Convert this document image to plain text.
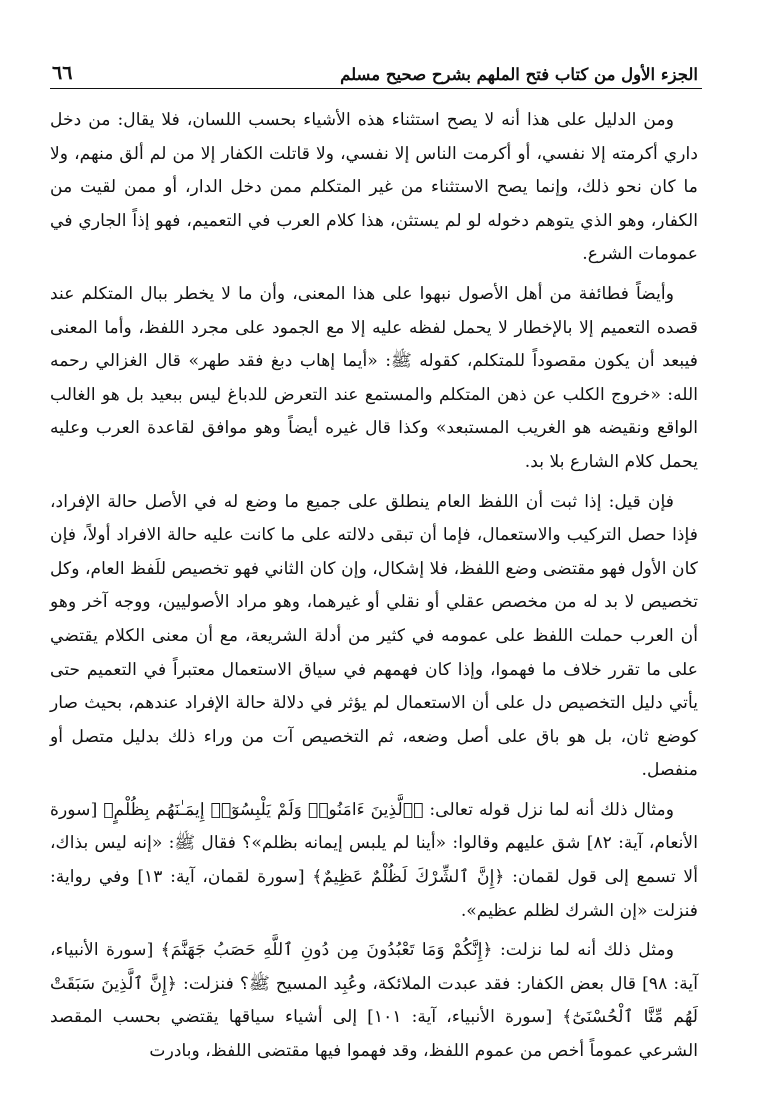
الجزء الأول من كتاب فتح الملهم بشرح صحيح مسلم
٦٦

ومن الدليل على هذا أنه لا يصح استثناء هذه الأشياء بحسب اللسان، فلا يقال: من دخل داري أكرمته إلا نفسي، أو أكرمت الناس إلا نفسي، ولا قاتلت الكفار إلا من لم ألق منهم، ولا ما كان نحو ذلك، وإنما يصح الاستثناء من غير المتكلم ممن دخل الدار، أو ممن لقيت من الكفار، وهو الذي يتوهم دخوله لو لم يستثن، هذا كلام العرب في التعميم، فهو إذاً الجاري في عمومات الشرع.

وأيضاً فطائفة من أهل الأصول نبهوا على هذا المعنى، وأن ما لا يخطر ببال المتكلم عند قصده التعميم إلا بالإخطار لا يحمل لفظه عليه إلا مع الجمود على مجرد اللفظ، وأما المعنى فيبعد أن يكون مقصوداً للمتكلم، كقوله ﷺ: «أيما إهاب دبغ فقد طهر» قال الغزالي رحمه الله: «خروج الكلب عن ذهن المتكلم والمستمع عند التعرض للدباغ ليس ببعيد بل هو الغالب الواقع ونقيضه هو الغريب المستبعد» وكذا قال غيره أيضاً وهو موافق لقاعدة العرب وعليه يحمل كلام الشارع بلا بد.

فإن قيل: إذا ثبت أن اللفظ العام ينطلق على جميع ما وضع له في الأصل حالة الإفراد، فإذا حصل التركيب والاستعمال، فإما أن تبقى دلالته على ما كانت عليه حالة الافراد أولاً، فإن كان الأول فهو مقتضى وضع اللفظ، فلا إشكال، وإن كان الثاني فهو تخصيص للَفظ العام، وكل تخصيص لا بد له من مخصص عقلي أو نقلي أو غيرهما، وهو مراد الأصوليين، ووجه آخر وهو أن العرب حملت اللفظ على عمومه في كثير من أدلة الشريعة، مع أن معنى الكلام يقتضي على ما تقرر خلاف ما فهموا، وإذا كان فهمهم في سياق الاستعمال معتبراً في التعميم حتى يأتي دليل التخصيص دل على أن الاستعمال لم يؤثر في دلالة حالة الإفراد عندهم، بحيث صار كوضع ثان، بل هو باق على أصل وضعه، ثم التخصيص آت من وراء ذلك بدليل متصل أو منفصل.

ومثال ذلك أنه لما نزل قوله تعالى: ﴿ٱلَّذِينَ ءَامَنُوا۟ وَلَمْ يَلْبِسُوٓا۟ إِيمَـٰنَهُم بِظُلْمٍ﴾ [سورة الأنعام، آية: ٨٢] شق عليهم وقالوا: «أينا لم يلبس إيمانه بظلم»؟ فقال ﷺ: «إنه ليس بذاك، ألا تسمع إلى قول لقمان: ﴿إِنَّ ٱلشِّرْكَ لَظُلْمٌ عَظِيمٌ﴾ [سورة لقمان، آية: ١٣] وفي رواية: فنزلت «إن الشرك لظلم عظيم».

ومثل ذلك أنه لما نزلت: ﴿إِنَّكُمْ وَمَا تَعْبُدُونَ مِن دُونِ ٱللَّهِ حَصَبُ جَهَنَّمَ﴾ [سورة الأنبياء، آية: ٩٨] قال بعض الكفار: فقد عبدت الملائكة، وعُبِد المسيح ﷺ؟ فنزلت: ﴿إِنَّ ٱلَّذِينَ سَبَقَتْ لَهُم مِّنَّا ٱلْحُسْنَىٰٓ﴾ [سورة الأنبياء، آية: ١٠١] إلى أشياء سياقها يقتضي بحسب المقصد الشرعي عموماً أخص من عموم اللفظ، وقد فهموا فيها مقتضى اللفظ، وبادرت
